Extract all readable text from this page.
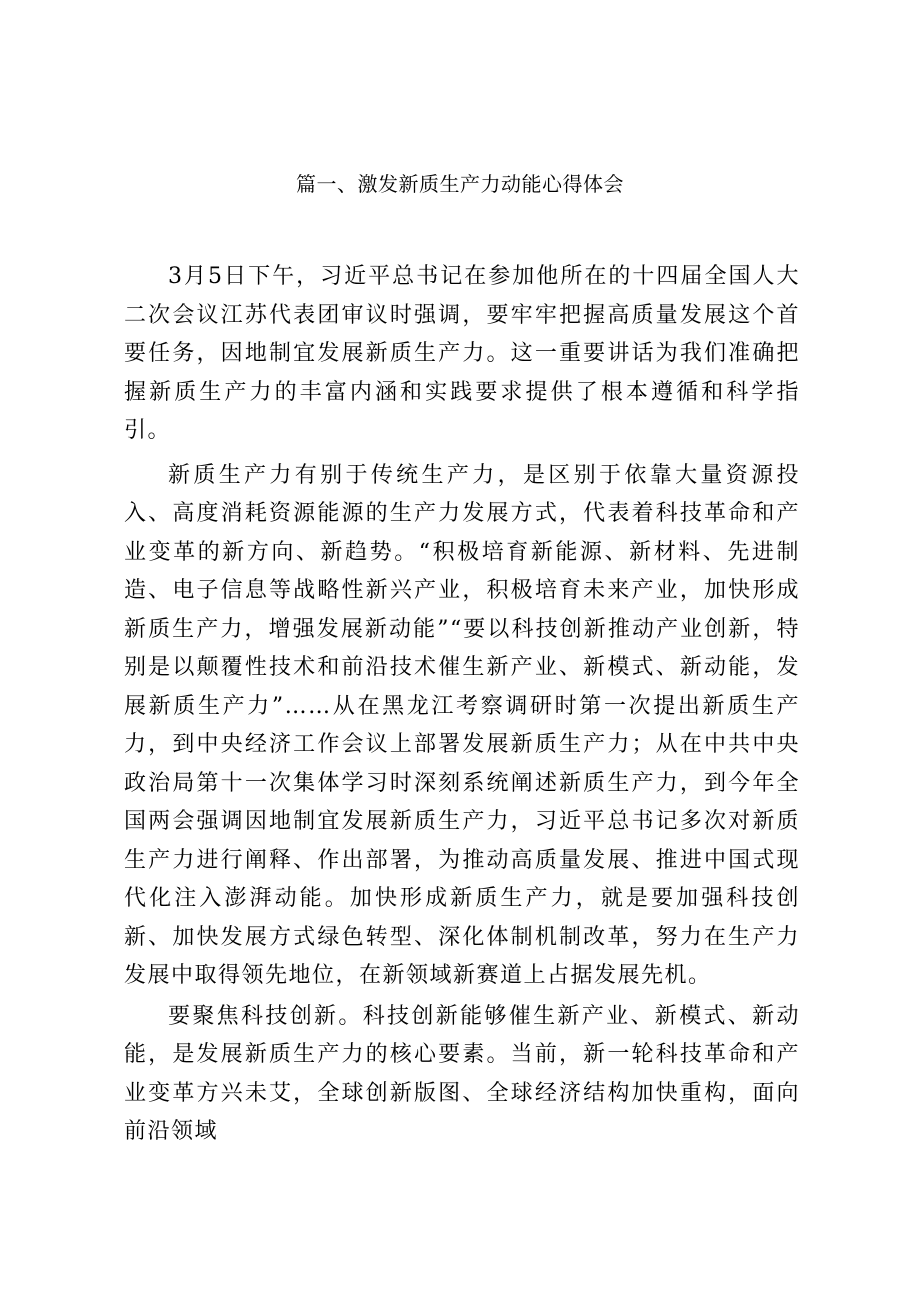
篇一、激发新质生产力动能心得体会

3月5日下午，习近平总书记在参加他所在的十四届全国人大二次会议江苏代表团审议时强调，要牢牢把握高质量发展这个首要任务，因地制宜发展新质生产力。这一重要讲话为我们准确把握新质生产力的丰富内涵和实践要求提供了根本遵循和科学指引。

新质生产力有别于传统生产力，是区别于依靠大量资源投入、高度消耗资源能源的生产力发展方式，代表着科技革命和产业变革的新方向、新趋势。“积极培育新能源、新材料、先进制造、电子信息等战略性新兴产业，积极培育未来产业，加快形成新质生产力，增强发展新动能”“要以科技创新推动产业创新，特别是以颠覆性技术和前沿技术催生新产业、新模式、新动能，发展新质生产力”……从在黑龙江考察调研时第一次提出新质生产力，到中央经济工作会议上部署发展新质生产力；从在中共中央政治局第十一次集体学习时深刻系统阐述新质生产力，到今年全国两会强调因地制宜发展新质生产力，习近平总书记多次对新质生产力进行阐释、作出部署，为推动高质量发展、推进中国式现代化注入澎湃动能。加快形成新质生产力，就是要加强科技创新、加快发展方式绿色转型、深化体制机制改革，努力在生产力发展中取得领先地位，在新领域新赛道上占据发展先机。

要聚焦科技创新。科技创新能够催生新产业、新模式、新动能，是发展新质生产力的核心要素。当前，新一轮科技革命和产业变革方兴未艾，全球创新版图、全球经济结构加快重构，面向前沿领域
